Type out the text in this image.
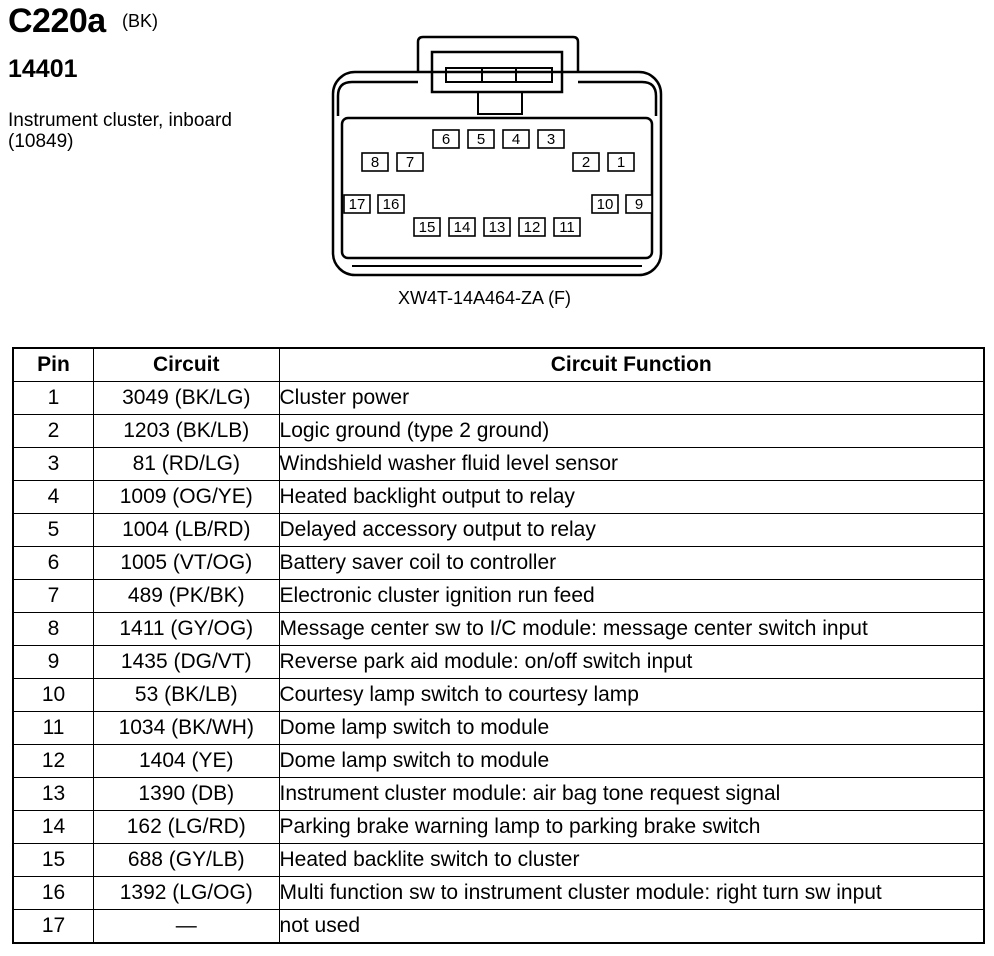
C220a (BK)
14401
Instrument cluster, inboard
(10849)
1
2
3
4
5
6
7
8
9
10
11
12
13
14
15
16
17
XW4T-14A464-ZA (F)
Pin	Circuit	Circuit Function
1	3049 (BK/LG)	Cluster power
2	1203 (BK/LB)	Logic ground (type 2 ground)
3	81 (RD/LG)	Windshield washer fluid level sensor
4	1009 (OG/YE)	Heated backlight output to relay
5	1004 (LB/RD)	Delayed accessory output to relay
6	1005 (VT/OG)	Battery saver coil to controller
7	489 (PK/BK)	Electronic cluster ignition run feed
8	1411 (GY/OG)	Message center sw to I/C module: message center switch input
9	1435 (DG/VT)	Reverse park aid module: on/off switch input
10	53 (BK/LB)	Courtesy lamp switch to courtesy lamp
11	1034 (BK/WH)	Dome lamp switch to module
12	1404 (YE)	Dome lamp switch to module
13	1390 (DB)	Instrument cluster module: air bag tone request signal
14	162 (LG/RD)	Parking brake warning lamp to parking brake switch
15	688 (GY/LB)	Heated backlite switch to cluster
16	1392 (LG/OG)	Multi function sw to instrument cluster module: right turn sw input
17	—	not used
